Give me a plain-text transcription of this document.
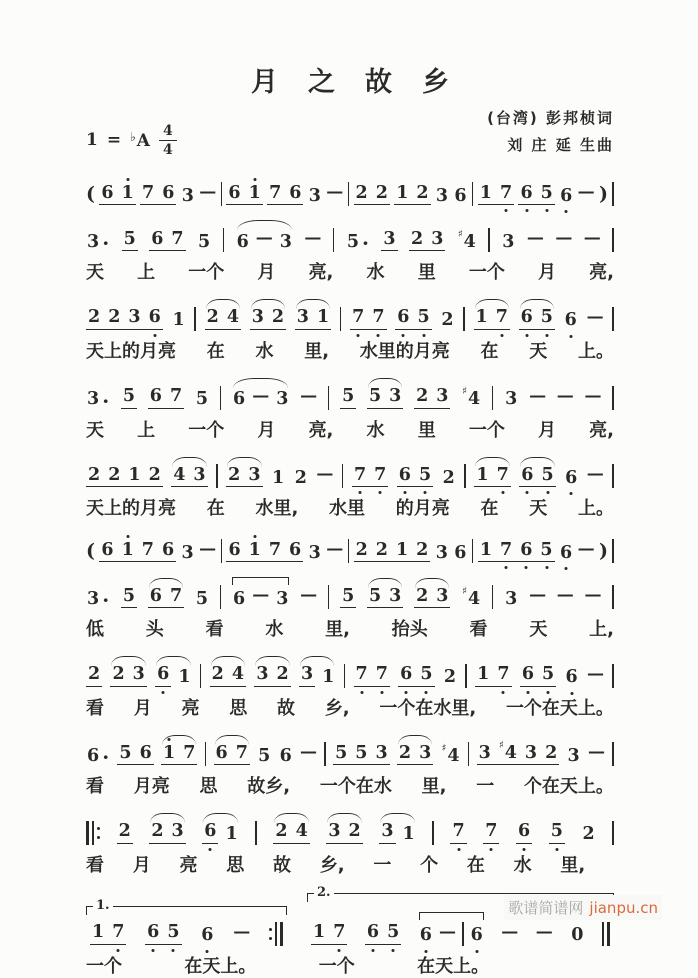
月之故乡
$1 = ^♭A \frac{4}{4}$
(台湾) 彭邦桢词
刘 庄 延 生曲
( 6 1 7 6 3 — 6 1 7 6 3 — 2 2 1 2 3 6 1 7 6 5 6 — )
3 · 5 6 7 5 6 — 3 — 5 · 3 2 3 ♯ 4 3 — — —
天 上 一个 月 亮, 水 里 一个 月 亮,
2 2 3 6 1 2 4 3 2 3 1 7 7 6 5 2 1 7 6 5 6 —
天上的月亮 在 水 里, 水里的月亮 在 天 上。
3 · 5 6 7 5 6 — 3 — 5 5 3 2 3 ♯ 4 3 — — —
天 上 一个 月 亮, 水 里 一个 月 亮,
2 2 1 2 4 3 2 3 1 2 — 7 7 6 5 2 1 7 6 5 6 —
天上的月亮 在 水里, 水里 的月亮 在 天 上。
( 6 1 7 6 3 — 6 1 7 6 3 — 2 2 1 2 3 6 1 7 6 5 6 — )
3 · 5 6 7 5 6 — 3 — 5 5 3 2 3 ♯ 4 3 — — —
低 头 看 水 里, 抬头 看 天 上,
2 2 3 6 1 2 4 3 2 3 1 7 7 6 5 2 1 7 6 5 6 —
看 月 亮 思 故 乡, 一个在水里, 一个在天上。
6 · 5 6 1 7 6 7 5 6 — 5 5 3 2 3 ♯ 4 3 ♯ 4 3 2 3 —
看 月亮 思 故乡, 一个在水 里, 一 个在天上。
2 2 3 6 1 2 4 3 2 3 1 7 7 6 5 2
看 月 亮 思 故 乡, 一 个 在 水 里,
1.
1 7 6 5 6 —
2.
1 7 6 5 6 — 6 — — 0
一个	在天上。	一个	在天上。
歌谱简谱网 jianpu.cn
